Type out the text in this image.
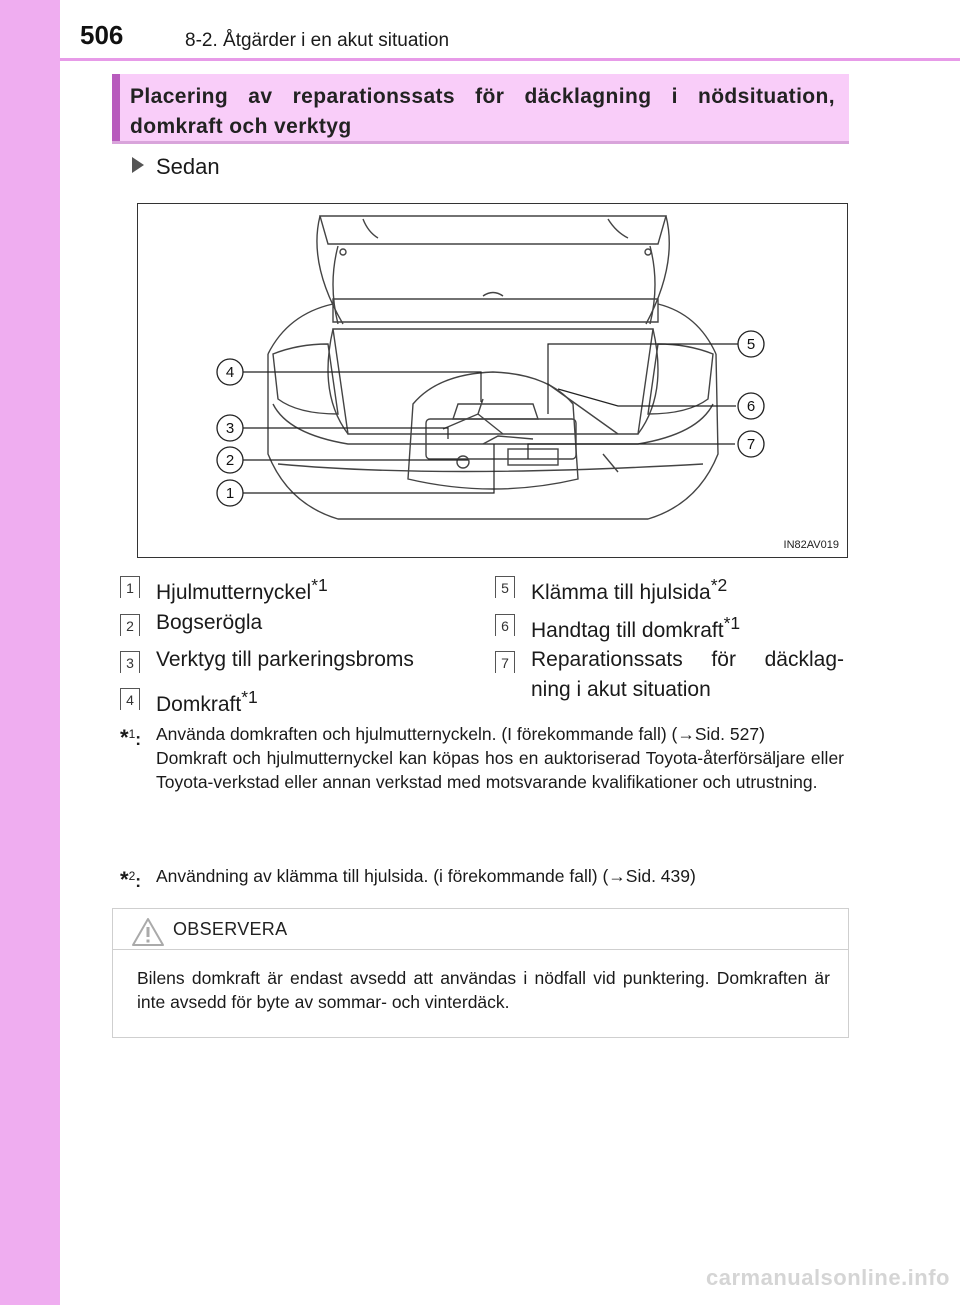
506	8-2. Åtgärder i en akut situation
Placering av reparationssats för däcklagning i nödsituation, domkraft och verktyg
Sedan
4
3
2
1
5
6
7
IN82AV019
1 Hjulmutternyckel$^{*1}$
2 Bogserögla
3 Verktyg till parkeringsbroms
4 Domkraft$^{*1}$
5 Klämma till hjulsida$^{*2}$
6 Handtag till domkraft$^{*1}$
7 Reparationssats för däcklag-
ning i akut situation
*$^1$: Använda domkraften och hjulmutternyckeln. (I förekommande fall) (→Sid. 527)

Domkraft och hjulmutternyckel kan köpas hos en auktoriserad Toyota-återförsäljare eller Toyota-verkstad eller annan verkstad med motsvarande kvalifikationer och utrustning.

*$^2$: Användning av klämma till hjulsida. (i förekommande fall) (→Sid. 439)

OBSERVERA
Bilens domkraft är endast avsedd att användas i nödfall vid punktering. Domkraften är inte avsedd för byte av sommar- och vinterdäck.
carmanualsonline.info
